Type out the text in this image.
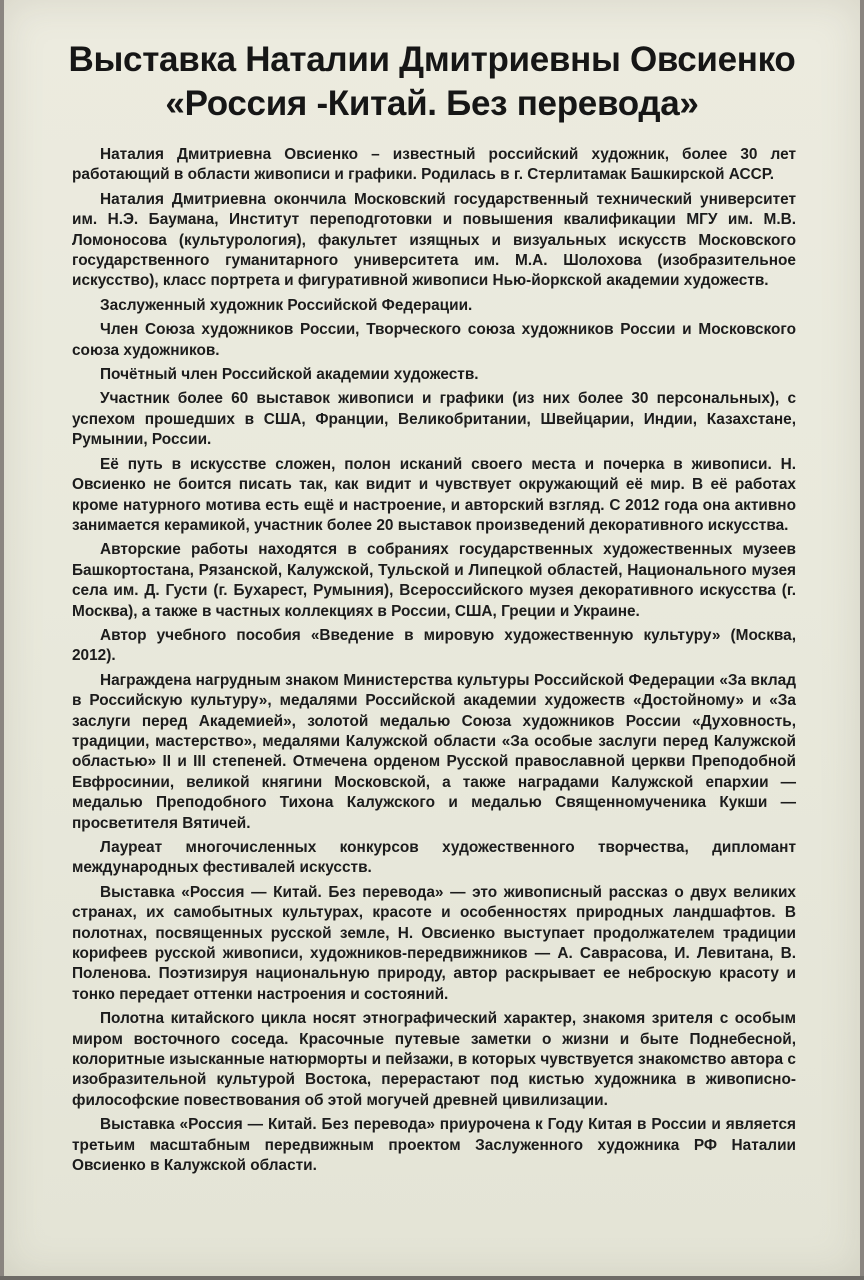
Выставка Наталии Дмитриевны Овсиенко
«Россия -Китай. Без перевода»

Наталия Дмитриевна Овсиенко – известный российский художник, более 30 лет работающий в области живописи и графики. Родилась в г. Стерлитамак Башкирской АССР.

Наталия Дмитриевна окончила Московский государственный технический университет им. Н.Э. Баумана, Институт переподготовки и повышения квалификации МГУ им. М.В. Ломоносова (культурология), факультет изящных и визуальных искусств Московского государственного гуманитарного университета им. М.А. Шолохова (изобразительное искусство), класс портрета и фигуративной живописи Нью-йоркской академии художеств.

Заслуженный художник Российской Федерации.

Член Союза художников России, Творческого союза художников России и Московского союза художников.

Почётный член Российской академии художеств.

Участник более 60 выставок живописи и графики (из них более 30 персональных), с успехом прошедших в США, Франции, Великобритании, Швейцарии, Индии, Казахстане, Румынии, России.

Её путь в искусстве сложен, полон исканий своего места и почерка в живописи. Н. Овсиенко не боится писать так, как видит и чувствует окружающий её мир. В её работах кроме натурного мотива есть ещё и настроение, и авторский взгляд. С 2012 года она активно занимается керамикой, участник более 20 выставок произведений декоративного искусства.

Авторские работы находятся в собраниях государственных художественных музеев Башкортостана, Рязанской, Калужской, Тульской и Липецкой областей, Национального музея села им. Д. Густи (г. Бухарест, Румыния), Всероссийского музея декоративного искусства (г. Москва), а также в частных коллекциях в России, США, Греции и Украине.

Автор учебного пособия «Введение в мировую художественную культуру» (Москва, 2012).

Награждена нагрудным знаком Министерства культуры Российской Федерации «За вклад в Российскую культуру», медалями Российской академии художеств «Достойному» и «За заслуги перед Академией», золотой медалью Союза художников России «Духовность, традиции, мастерство», медалями Калужской области «За особые заслуги перед Калужской областью» II и III степеней. Отмечена орденом Русской православной церкви Преподобной Евфросинии, великой княгини Московской, а также наградами Калужской епархии — медалью Преподобного Тихона Калужского и медалью Священномученика Кукши — просветителя Вятичей.

Лауреат многочисленных конкурсов художественного творчества, дипломант международных фестивалей искусств.

Выставка «Россия — Китай. Без перевода» — это живописный рассказ о двух великих странах, их самобытных культурах, красоте и особенностях природных ландшафтов. В полотнах, посвященных русской земле, Н. Овсиенко выступает продолжателем традиции корифеев русской живописи, художников-передвижников — А. Саврасова, И. Левитана, В. Поленова. Поэтизируя национальную природу, автор раскрывает ее неброскую красоту и тонко передает оттенки настроения и состояний.

Полотна китайского цикла носят этнографический характер, знакомя зрителя с особым миром восточного соседа. Красочные путевые заметки о жизни и быте Поднебесной, колоритные изысканные натюрморты и пейзажи, в которых чувствуется знакомство автора с изобразительной культурой Востока, перерастают под кистью художника в живописно-философские повествования об этой могучей древней цивилизации.

Выставка «Россия — Китай. Без перевода» приурочена к Году Китая в России и является третьим масштабным передвижным проектом Заслуженного художника РФ Наталии Овсиенко в Калужской области.
